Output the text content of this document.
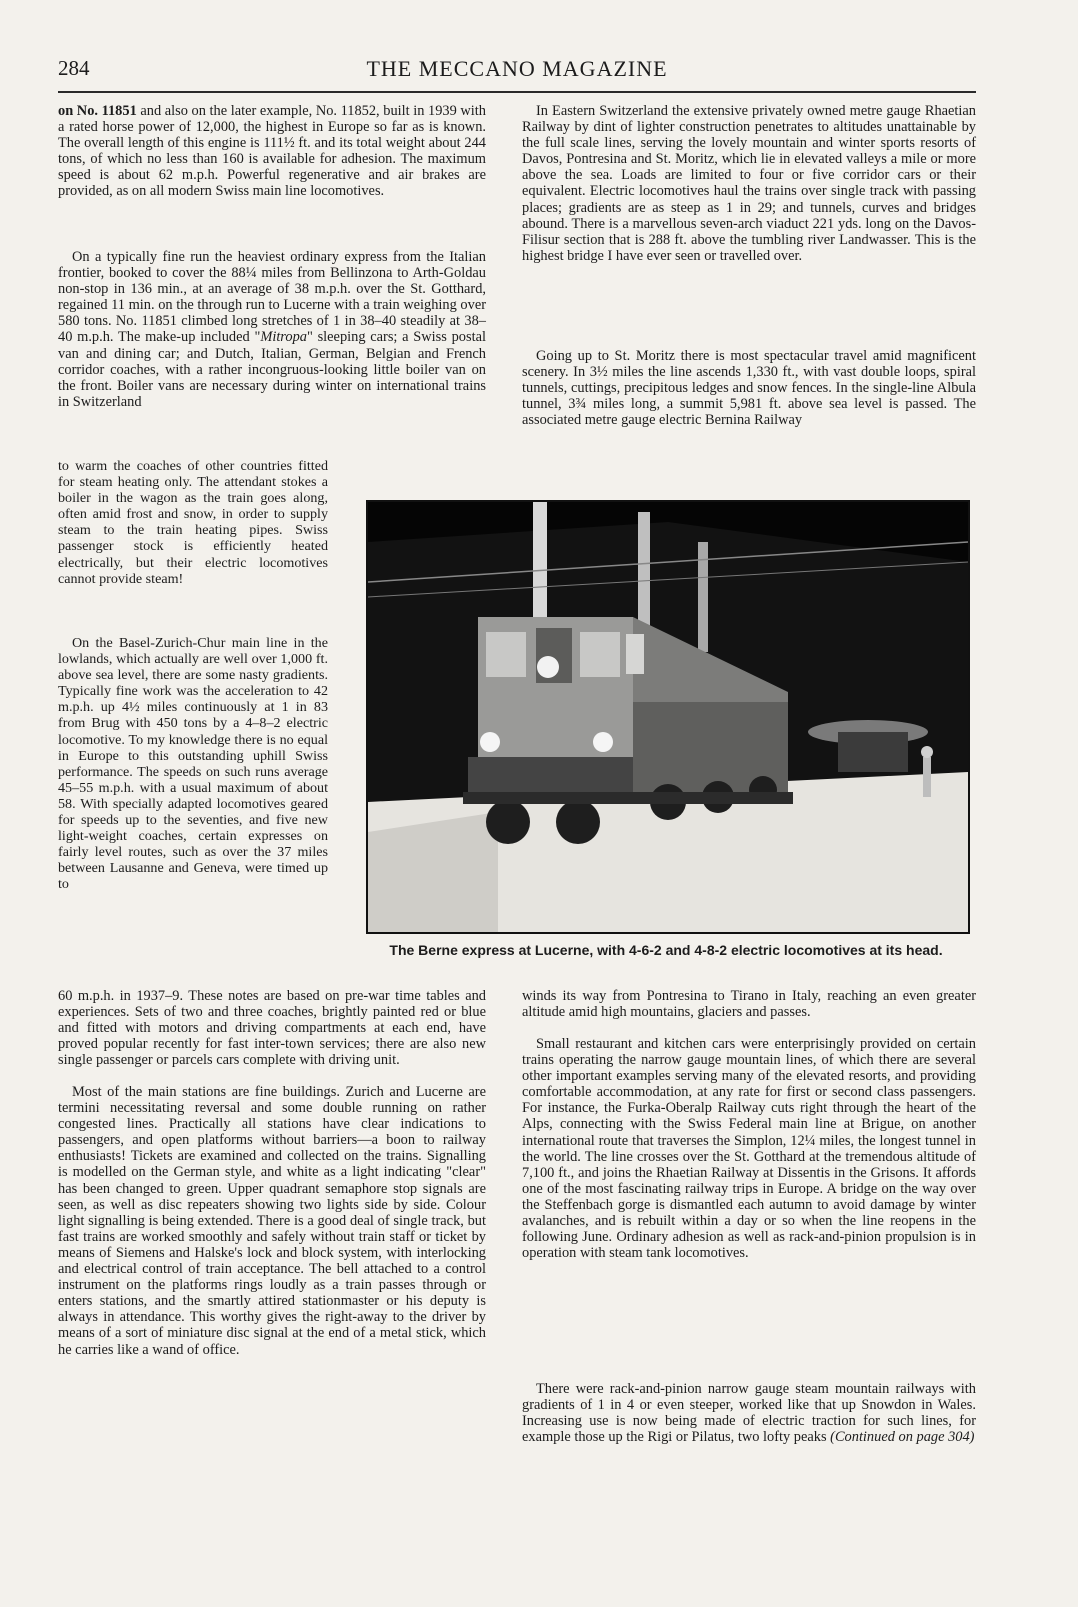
284	THE MECCANO MAGAZINE

on No. 11851 and also on the later example, No. 11852, built in 1939 with a rated horse power of 12,000, the highest in Europe so far as is known. The overall length of this engine is 111½ ft. and its total weight about 244 tons, of which no less than 160 is available for adhesion. The maximum speed is about 62 m.p.h. Powerful regenerative and air brakes are provided, as on all modern Swiss main line locomotives.

On a typically fine run the heaviest ordinary express from the Italian frontier, booked to cover the 88¼ miles from Bellinzona to Arth-Goldau non-stop in 136 min., at an average of 38 m.p.h. over the St. Gotthard, regained 11 min. on the through run to Lucerne with a train weighing over 580 tons. No. 11851 climbed long stretches of 1 in 38–40 steadily at 38–40 m.p.h. The make-up included "Mitropa" sleeping cars; a Swiss postal van and dining car; and Dutch, Italian, German, Belgian and French corridor coaches, with a rather incongruous-looking little boiler van on the front. Boiler vans are necessary during winter on international trains in Switzerland

to warm the coaches of other countries fitted for steam heating only. The attendant stokes a boiler in the wagon as the train goes along, often amid frost and snow, in order to supply steam to the train heating pipes. Swiss passenger stock is efficiently heated electrically, but their electric locomotives cannot provide steam!

On the Basel-Zurich-Chur main line in the lowlands, which actually are well over 1,000 ft. above sea level, there are some nasty gradients. Typically fine work was the acceleration to 42 m.p.h. up 4½ miles continuously at 1 in 83 from Brug with 450 tons by a 4–8–2 electric locomotive. To my knowledge there is no equal in Europe to this outstanding uphill Swiss performance. The speeds on such runs average 45–55 m.p.h. with a usual maximum of about 58. With specially adapted locomotives geared for speeds up to the seventies, and five new light-weight coaches, certain expresses on fairly level routes, such as over the 37 miles between Lausanne and Geneva, were timed up to

60 m.p.h. in 1937–9. These notes are based on pre-war time tables and experiences. Sets of two and three coaches, brightly painted red or blue and fitted with motors and driving compartments at each end, have proved popular recently for fast inter-town services; there are also new single passenger or parcels cars complete with driving unit.

Most of the main stations are fine buildings. Zurich and Lucerne are termini necessitating reversal and some double running on rather congested lines. Practically all stations have clear indications to passengers, and open platforms without barriers—a boon to railway enthusiasts! Tickets are examined and collected on the trains. Signalling is modelled on the German style, and white as a light indicating "clear" has been changed to green. Upper quadrant semaphore stop signals are seen, as well as disc repeaters showing two lights side by side. Colour light signalling is being extended. There is a good deal of single track, but fast trains are worked smoothly and safely without train staff or ticket by means of Siemens and Halske's lock and block system, with interlocking and electrical control of train acceptance. The bell attached to a control instrument on the platforms rings loudly as a train passes through or enters stations, and the smartly attired stationmaster or his deputy is always in attendance. This worthy gives the right-away to the driver by means of a sort of miniature disc signal at the end of a metal stick, which he carries like a wand of office.

In Eastern Switzerland the extensive privately owned metre gauge Rhaetian Railway by dint of lighter construction penetrates to altitudes unattainable by the full scale lines, serving the lovely mountain and winter sports resorts of Davos, Pontresina and St. Moritz, which lie in elevated valleys a mile or more above the sea. Loads are limited to four or five corridor cars or their equivalent. Electric locomotives haul the trains over single track with passing places; gradients are as steep as 1 in 29; and tunnels, curves and bridges abound. There is a marvellous seven-arch viaduct 221 yds. long on the Davos-Filisur section that is 288 ft. above the tumbling river Landwasser. This is the highest bridge I have ever seen or travelled over.

Going up to St. Moritz there is most spectacular travel amid magnificent scenery. In 3½ miles the line ascends 1,330 ft., with vast double loops, spiral tunnels, cuttings, precipitous ledges and snow fences. In the single-line Albula tunnel, 3¾ miles long, a summit 5,981 ft. above sea level is passed. The associated metre gauge electric Bernina Railway

The Berne express at Lucerne, with 4-6-2 and 4-8-2 electric locomotives at its head.

winds its way from Pontresina to Tirano in Italy, reaching an even greater altitude amid high mountains, glaciers and passes.

Small restaurant and kitchen cars were enterprisingly provided on certain trains operating the narrow gauge mountain lines, of which there are several other important examples serving many of the elevated resorts, and providing comfortable accommodation, at any rate for first or second class passengers. For instance, the Furka-Oberalp Railway cuts right through the heart of the Alps, connecting with the Swiss Federal main line at Brigue, on another international route that traverses the Simplon, 12¼ miles, the longest tunnel in the world. The line crosses over the St. Gotthard at the tremendous altitude of 7,100 ft., and joins the Rhaetian Railway at Dissentis in the Grisons. It affords one of the most fascinating railway trips in Europe. A bridge on the way over the Steffenbach gorge is dismantled each autumn to avoid damage by winter avalanches, and is rebuilt within a day or so when the line reopens in the following June. Ordinary adhesion as well as rack-and-pinion propulsion is in operation with steam tank locomotives.

There were rack-and-pinion narrow gauge steam mountain railways with gradients of 1 in 4 or even steeper, worked like that up Snowdon in Wales. Increasing use is now being made of electric traction for such lines, for example those up the Rigi or Pilatus, two lofty peaks (Continued on page 304)
